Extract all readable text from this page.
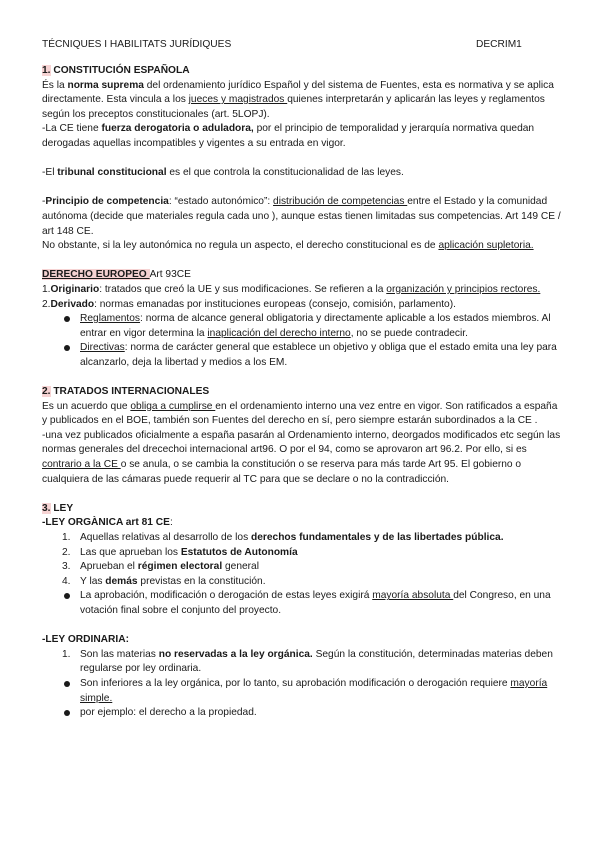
TÉCNIQUES I HABILITATS JURÍDIQUES	DECRIM1

1. CONSTITUCIÓN ESPAÑOLA

És la norma suprema del ordenamiento jurídico Español y del sistema de Fuentes, esta es normativa y se aplica directamente. Esta vincula a los jueces y magistrados quienes interpretarán y aplicarán las leyes y reglamentos según los preceptos constitucionales (art. 5LOPJ).

-La CE tiene fuerza derogatoria o aduladora, por el principio de temporalidad y jerarquía normativa quedan derogadas aquellas incompatibles y vigentes a su entrada en vigor.

-El tribunal constitucional es el que controla la constitucionalidad de las leyes.

-Principio de competencia: “estado autonómico”: distribución de competencias entre el Estado y la comunidad autónoma (decide que materiales regula cada uno ), aunque estas tienen limitadas sus competencias. Art 149 CE / art 148 CE.

No obstante, si la ley autonómica no regula un aspecto, el derecho constitucional es de aplicación supletoria.

DERECHO EUROPEO Art 93CE

1.Originario: tratados que creó la UE y sus modificaciones. Se refieren a la organización y principios rectores.

2.Derivado: normas emanadas por instituciones europeas (consejo, comisión, parlamento).

Reglamentos: norma de alcance general obligatoria y directamente aplicable a los estados miembros. Al entrar en vigor determina la inaplicación del derecho interno, no se puede contradecir.
Directivas: norma de carácter general que establece un objetivo y obliga que el estado emita una ley para alcanzarlo, deja la libertad y medios a los EM.

2. TRATADOS INTERNACIONALES

Es un acuerdo que obliga a cumplirse en el ordenamiento interno una vez entre en vigor. Son ratificados a españa y publicados en el BOE, también son Fuentes del derecho en sí, pero siempre estarán subordinados a la CE .

-una vez publicados oficialmente a españa pasarán al Ordenamiento interno, deorgados modificados etc según las normas generales del drecechoi internacional art96. O por el 94, como se aprovaron art 96.2. Por ello, si es contrario a la CE o se anula, o se cambia la constitución o se reserva para más tarde Art 95. El gobierno o cualquiera de las cámaras puede requerir al TC para que se declare o no la contradicción.

3. LEY

-LEY ORGÀNICA art 81 CE:

1. Aquellas relativas al desarrollo de los derechos fundamentales y de las libertades pública.
2. Las que aprueban los Estatutos de Autonomía
3. Aprueban el régimen electoral general
4. Y las demás previstas en la constitución.
La aprobación, modificación o derogación de estas leyes exigirá mayoría absoluta del Congreso, en una votación final sobre el conjunto del proyecto.

-LEY ORDINARIA:

1. Son las materias no reservadas a la ley orgánica. Según la constitución, determinadas materias deben regularse por ley ordinaria.
Son inferiores a la ley orgánica, por lo tanto, su aprobación modificación o derogación requiere mayoría simple.
por ejemplo: el derecho a la propiedad.
